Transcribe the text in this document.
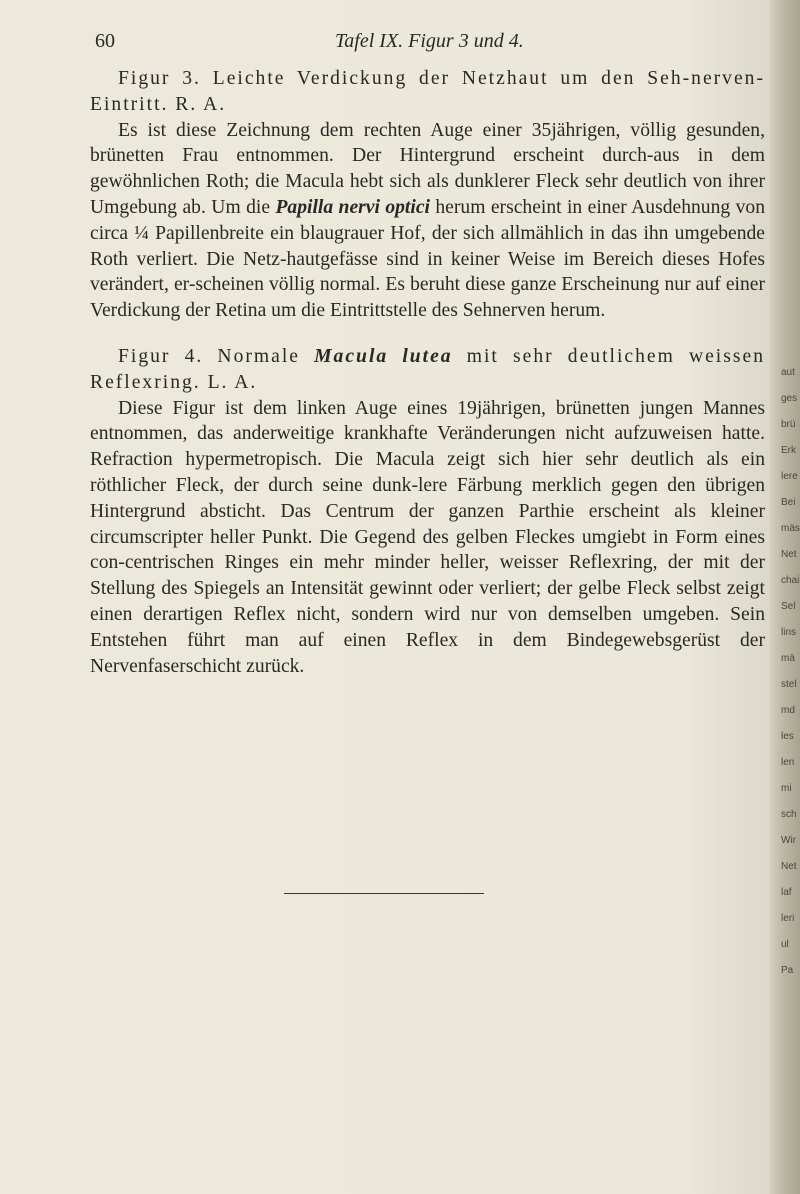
60	Tafel IX. Figur 3 und 4.

Figur 3. Leichte Verdickung der Netzhaut um den Seh-nerven-Eintritt. R. A.

Es ist diese Zeichnung dem rechten Auge einer 35jährigen, völlig gesunden, brünetten Frau entnommen. Der Hintergrund erscheint durch-aus in dem gewöhnlichen Roth; die Macula hebt sich als dunklerer Fleck sehr deutlich von ihrer Umgebung ab. Um die Papilla nervi optici herum erscheint in einer Ausdehnung von circa ¼ Papillenbreite ein blaugrauer Hof, der sich allmählich in das ihn umgebende Roth verliert. Die Netz-hautgefässe sind in keiner Weise im Bereich dieses Hofes verändert, er-scheinen völlig normal. Es beruht diese ganze Erscheinung nur auf einer Verdickung der Retina um die Eintrittstelle des Sehnerven herum.

Figur 4. Normale Macula lutea mit sehr deutlichem weissen Reflexring. L. A.

Diese Figur ist dem linken Auge eines 19jährigen, brünetten jungen Mannes entnommen, das anderweitige krankhafte Veränderungen nicht aufzuweisen hatte. Refraction hypermetropisch. Die Macula zeigt sich hier sehr deutlich als ein röthlicher Fleck, der durch seine dunk-lere Färbung merklich gegen den übrigen Hintergrund absticht. Das Centrum der ganzen Parthie erscheint als kleiner circumscripter heller Punkt. Die Gegend des gelben Fleckes umgiebt in Form eines con-centrischen Ringes ein mehr minder heller, weisser Reflexring, der mit der Stellung des Spiegels an Intensität gewinnt oder verliert; der gelbe Fleck selbst zeigt einen derartigen Reflex nicht, sondern wird nur von demselben umgeben. Sein Entstehen führt man auf einen Reflex in dem Bindegewebsgerüst der Nervenfaserschicht zurück.

aut
ges
brü
Erk
lere
Bei
mäs
Net
chai
Sel
lins
mä
stel
md
les
len
mi
sch
Wir
Net
laf
leri
ul
Pa
